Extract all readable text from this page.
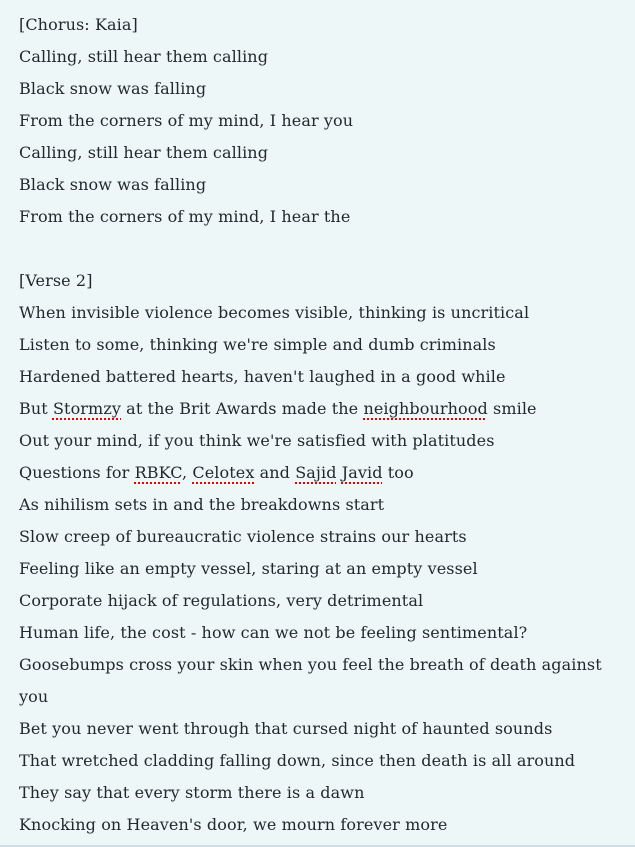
[Chorus: Kaia]
Calling, still hear them calling
Black snow was falling
From the corners of my mind, I hear you
Calling, still hear them calling
Black snow was falling
From the corners of my mind, I hear the
[Verse 2]
When invisible violence becomes visible, thinking is uncritical
Listen to some, thinking we're simple and dumb criminals
Hardened battered hearts, haven't laughed in a good while
But Stormzy at the Brit Awards made the neighbourhood smile
Out your mind, if you think we're satisfied with platitudes
Questions for RBKC, Celotex and Sajid Javid too
As nihilism sets in and the breakdowns start
Slow creep of bureaucratic violence strains our hearts
Feeling like an empty vessel, staring at an empty vessel
Corporate hijack of regulations, very detrimental
Human life, the cost - how can we not be feeling sentimental?
Goosebumps cross your skin when you feel the breath of death against you
Bet you never went through that cursed night of haunted sounds
That wretched cladding falling down, since then death is all around
They say that every storm there is a dawn
Knocking on Heaven's door, we mourn forever more
